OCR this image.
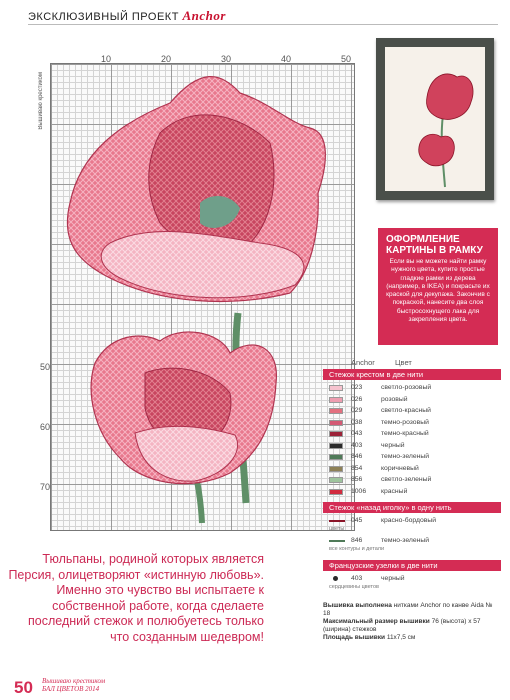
ЭКСКЛЮЗИВНЫЙ ПРОЕКТ Anchor
10	20	30	40	50
50
60
70
Вышиваю крестиком
ОФОРМЛЕНИЕ КАРТИНЫ В РАМКУ
Если вы не можете найти рамку нужного цвета, купите простые гладкие рамки из дерева (например, в IKEA) и покрасьте их краской для декупажа. Закончив с покраской, нанесите два слоя быстросохнущего лака для закрепления цвета.
Anchor	Цвет
Стежок крестом в две нити
023	светло-розовый
026	розовый
029	светло-красный
038	темно-розовый
043	темно-красный
403	черный
846	темно-зеленый
854	коричневый
856	светло-зеленый
1006 красный
Стежок «назад иголку» в одну нить
045	красно-бордовый
цветы
846	темно-зеленый
все контуры и детали
Французские узелки в две нити
403	черный
сердцевины цветов
Вышивка выполнена нитками Anchor по канве Aida № 18
Максимальный размер вышивки 76 (высота) х 57 (ширина) стежков
Площадь вышивки 11х7,5 см
Тюльпаны, родиной которых является Персия, олицетворяют «истинную любовь». Именно это чувство вы испытаете к собственной работе, когда сделаете последний стежок и полюбуетесь только что созданным шедевром!
50 Вышиваю крестиком
БАЛ ЦВЕТОВ 2014
